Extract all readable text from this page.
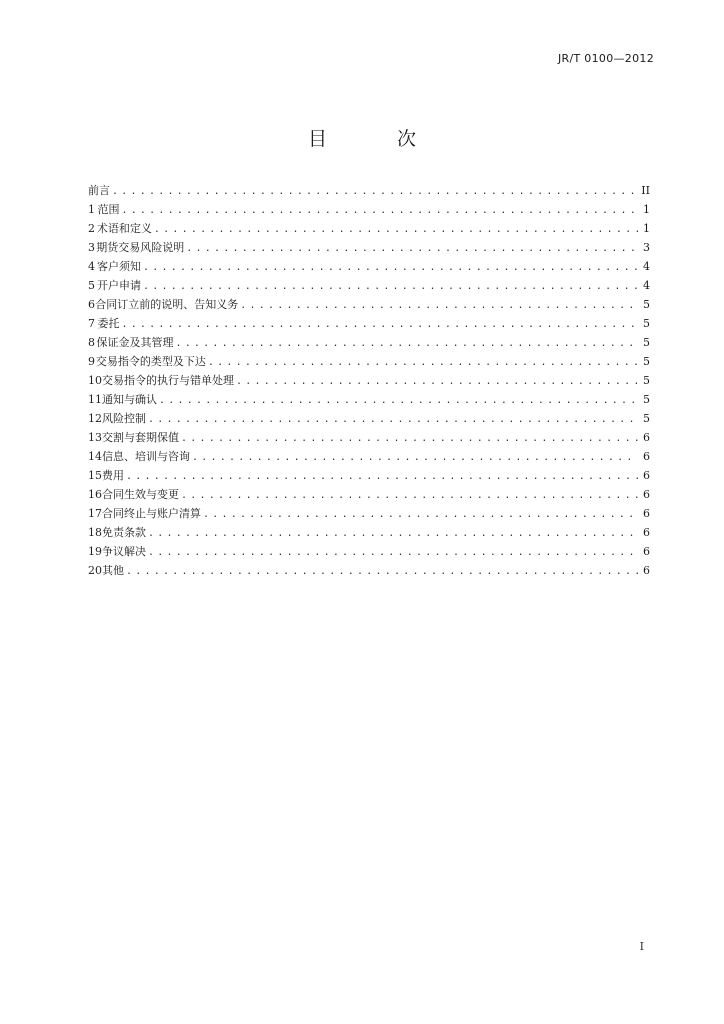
JR/T 0100—2012
目	次
前言 . . .	II
1 范围 . . .	1
2 术语和定义 . . .	1
3 期货交易风险说明 . . .	3
4 客户须知 . . .	4
5 开户申请 . . .	4
6 合同订立前的说明、告知义务 . . .	5
7 委托 . . .	5
8 保证金及其管理 . . .	5
9 交易指令的类型及下达 . . .	5
10 交易指令的执行与错单处理 . . .	5
11 通知与确认 . . .	5
12 风险控制 . . .	5
13 交割与套期保值 . . .	6
14 信息、培训与咨询 . . .	6
15 费用 . . .	6
16 合同生效与变更 . . .	6
17 合同终止与账户清算 . . .	6
18 免责条款 . . .	6
19 争议解决 . . .	6
20 其他 . . .	6
I
